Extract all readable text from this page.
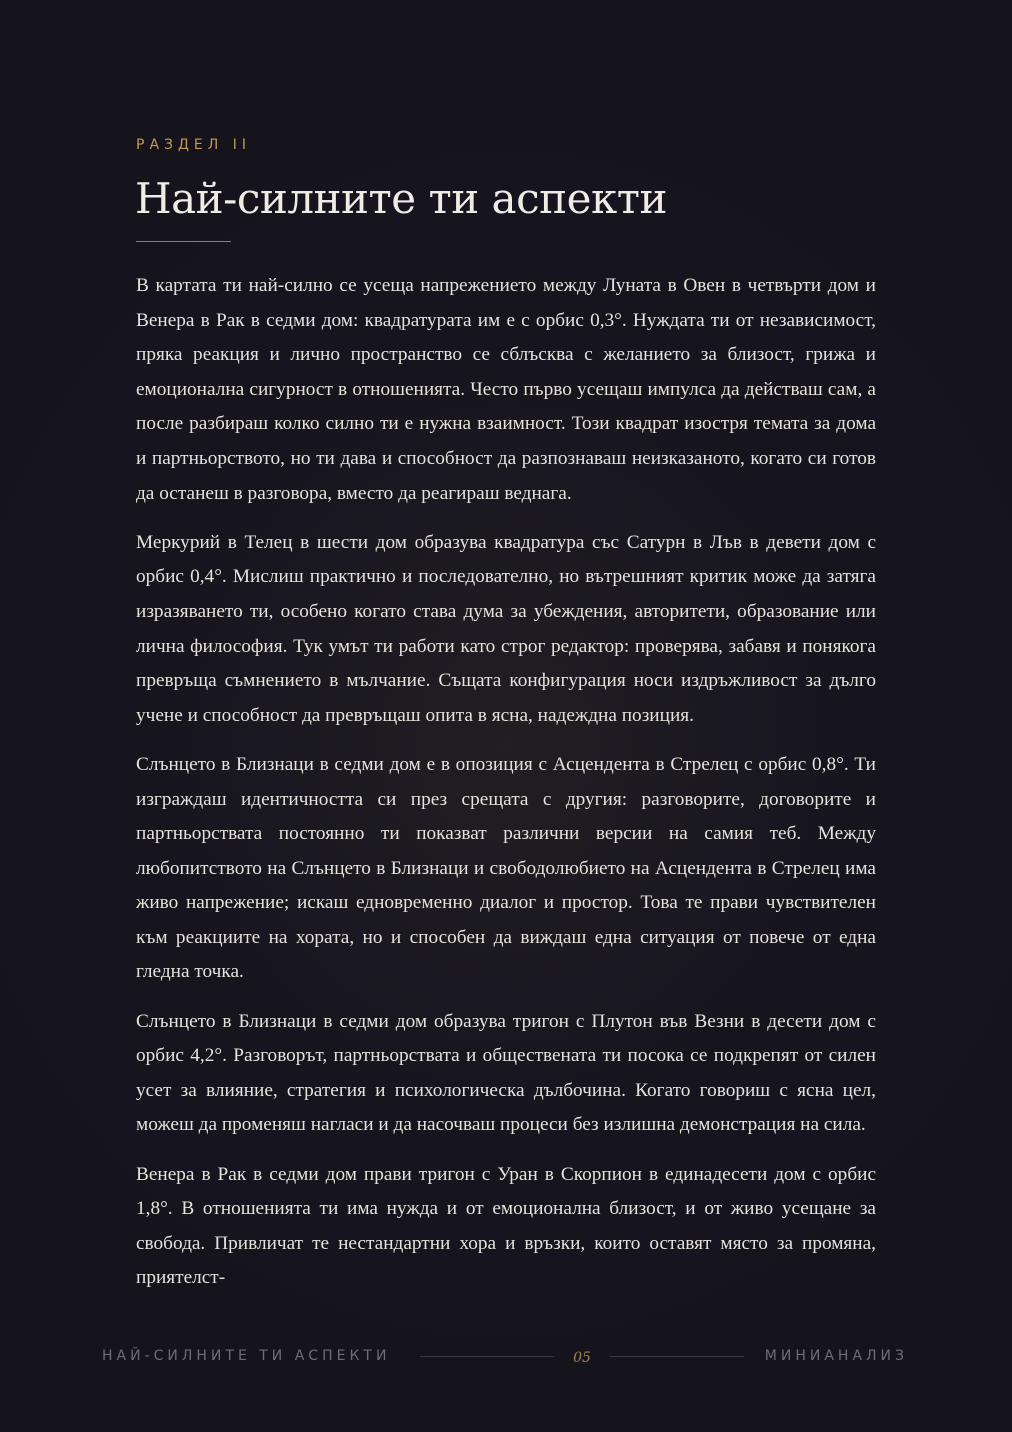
РАЗДЕЛ II
Най-силните ти аспекти

В картата ти най-силно се усеща напрежението между Луната в Овен в четвърти дом и Венера в Рак в седми дом: квадратурата им е с орбис 0,3°. Нуждата ти от независимост, пряка реакция и лично пространство се сблъсква с желанието за близост, грижа и емоционална сигурност в отношенията. Често първо усещаш импулса да действаш сам, а после разбираш колко силно ти е нужна взаимност. Този квадрат изостря темата за дома и партньорството, но ти дава и способност да разпознаваш неизказаното, когато си готов да останеш в разговора, вместо да реагираш веднага.

Меркурий в Телец в шести дом образува квадратура със Сатурн в Лъв в девети дом с орбис 0,4°. Мислиш практично и последователно, но вътрешният критик може да затяга изразяването ти, особено когато става дума за убеждения, авторитети, образование или лична философия. Тук умът ти работи като строг редактор: проверява, забавя и понякога превръща съмнението в мълчание. Същата конфигурация носи издръжливост за дълго учене и способност да превръщаш опита в ясна, надеждна позиция.

Слънцето в Близнаци в седми дом е в опозиция с Асцендента в Стрелец с орбис 0,8°. Ти изграждаш идентичността си през срещата с другия: разговорите, договорите и партньорствата постоянно ти показват различни версии на самия теб. Между любопитството на Слънцето в Близнаци и свободолюбието на Асцендента в Стрелец има живо напрежение; искаш едновременно диалог и простор. Това те прави чувствителен към реакциите на хората, но и способен да виждаш една ситуация от повече от една гледна точка.

Слънцето в Близнаци в седми дом образува тригон с Плутон във Везни в десети дом с орбис 4,2°. Разговорът, партньорствата и обществената ти посока се подкрепят от силен усет за влияние, стратегия и психологическа дълбочина. Когато говориш с ясна цел, можеш да променяш нагласи и да насочваш процеси без излишна демонстрация на сила.

Венера в Рак в седми дом прави тригон с Уран в Скорпион в единадесети дом с орбис 1,8°. В отношенията ти има нужда и от емоционална близост, и от живо усещане за свобода. Привличат те нестандартни хора и връзки, които оставят място за промяна, приятелст-

НАЙ-СИЛНИТЕ ТИ АСПЕКТИ	05	МИНИАНАЛИЗ
